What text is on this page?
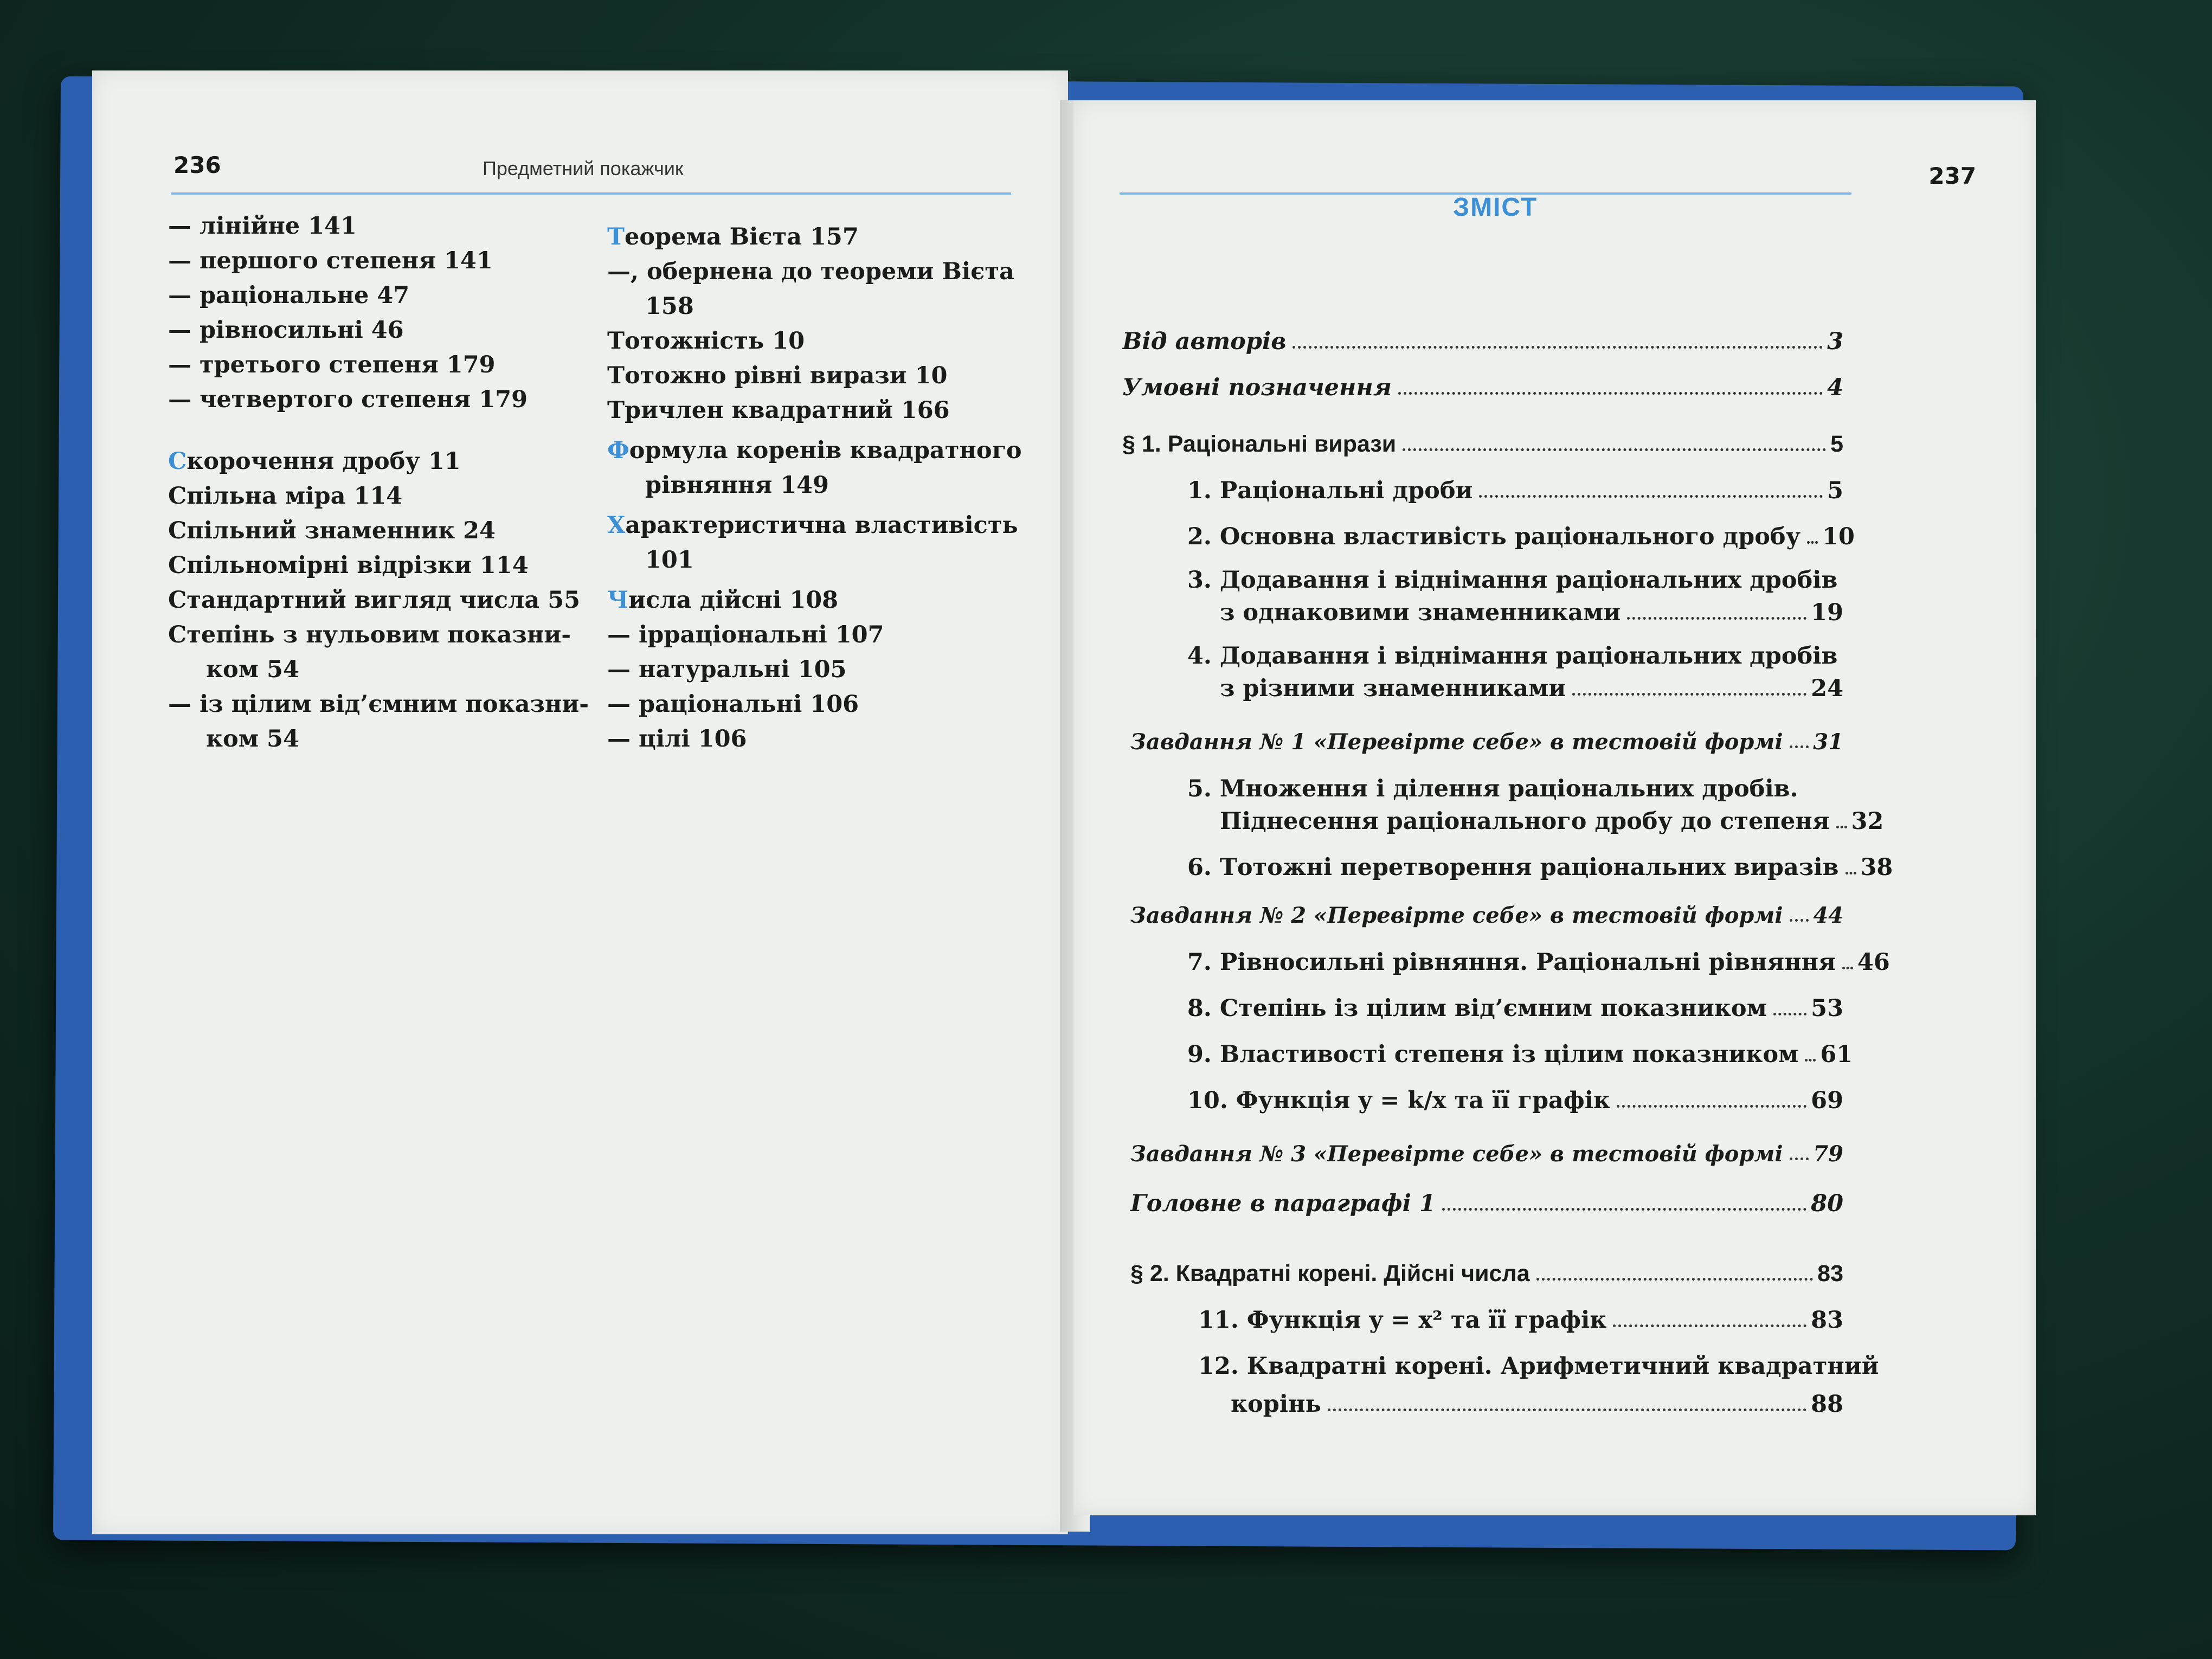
236	Предметний покажчик
— лінійне 141
— першого степеня 141
— раціональне 47
— рівносильні 46
— третього степеня 179
— четвертого степеня 179
Скорочення дробу 11
Спільна міра 114
Спільний знаменник 24
Спільномірні відрізки 114
Стандартний вигляд числа 55
Степінь з нульовим показни-
ком 54
— із цілим від’ємним показни-
ком 54
Теорема Вієта 157
—, обернена до теореми Вієта
158
Тотожність 10
Тотожно рівні вирази 10
Тричлен квадратний 166
Формула коренів квадратного
рівняння 149
Характеристична властивість
101
Числа дійсні 108
— ірраціональні 107
— натуральні 105
— раціональні 106
— цілі 106
237
ЗМІСТ
Від авторів	3
Умовні позначення	4
§ 1. Раціональні вирази	5
1. Раціональні дроби	5
2. Основна властивість раціонального дробу 10
3. Додавання і віднімання раціональних дробів
з однаковими знаменниками	19
4. Додавання і віднімання раціональних дробів
з різними знаменниками	24
Завдання № 1 «Перевірте себе» в тестовій формі 31
5. Множення і ділення раціональних дробів.
Піднесення раціонального дробу до степеня 32
6. Тотожні перетворення раціональних виразів 38
Завдання № 2 «Перевірте себе» в тестовій формі 44
7. Рівносильні рівняння. Раціональні рівняння 46
8. Степінь із цілим від’ємним показником 53
9. Властивості степеня із цілим показником 61
10. Функція y = k/x та її графік	69
Завдання № 3 «Перевірте себе» в тестовій формі 79
Головне в параграфі 1	80
§ 2. Квадратні корені. Дійсні числа	83
11. Функція y = x² та її графік	83
12. Квадратні корені. Арифметичний квадратний
корінь	88
